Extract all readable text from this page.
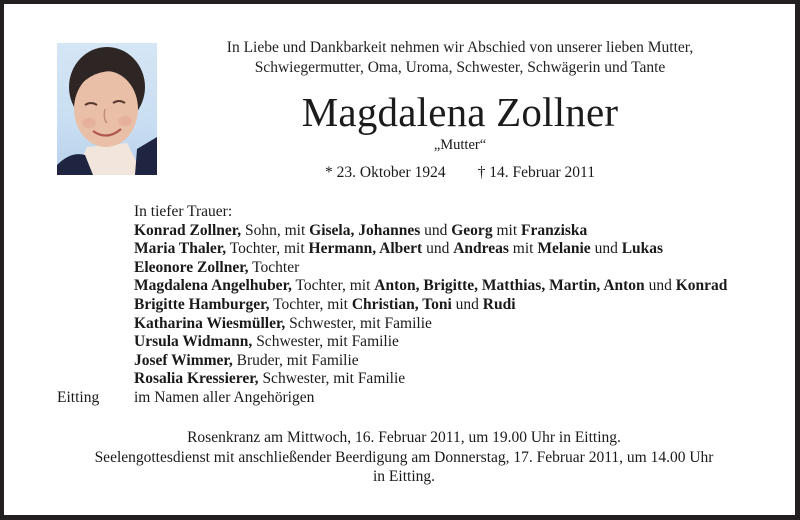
In Liebe und Dankbarkeit nehmen wir Abschied von unserer lieben Mutter,
Schwiegermutter, Oma, Uroma, Schwester, Schwägerin und Tante
Magdalena Zollner
„Mutter“
* 23. Oktober 1924 † 14. Februar 2011
In tiefer Trauer:
Konrad Zollner, Sohn, mit Gisela, Johannes und Georg mit Franziska
Maria Thaler, Tochter, mit Hermann, Albert und Andreas mit Melanie und Lukas
Eleonore Zollner, Tochter
Magdalena Angelhuber, Tochter, mit Anton, Brigitte, Matthias, Martin, Anton und Konrad
Brigitte Hamburger, Tochter, mit Christian, Toni und Rudi
Katharina Wiesmüller, Schwester, mit Familie
Ursula Widmann, Schwester, mit Familie
Josef Wimmer, Bruder, mit Familie
Rosalia Kressierer, Schwester, mit Familie
im Namen aller Angehörigen
Eitting
Rosenkranz am Mittwoch, 16. Februar 2011, um 19.00 Uhr in Eitting.
Seelengottesdienst mit anschließender Beerdigung am Donnerstag, 17. Februar 2011, um 14.00 Uhr
in Eitting.
